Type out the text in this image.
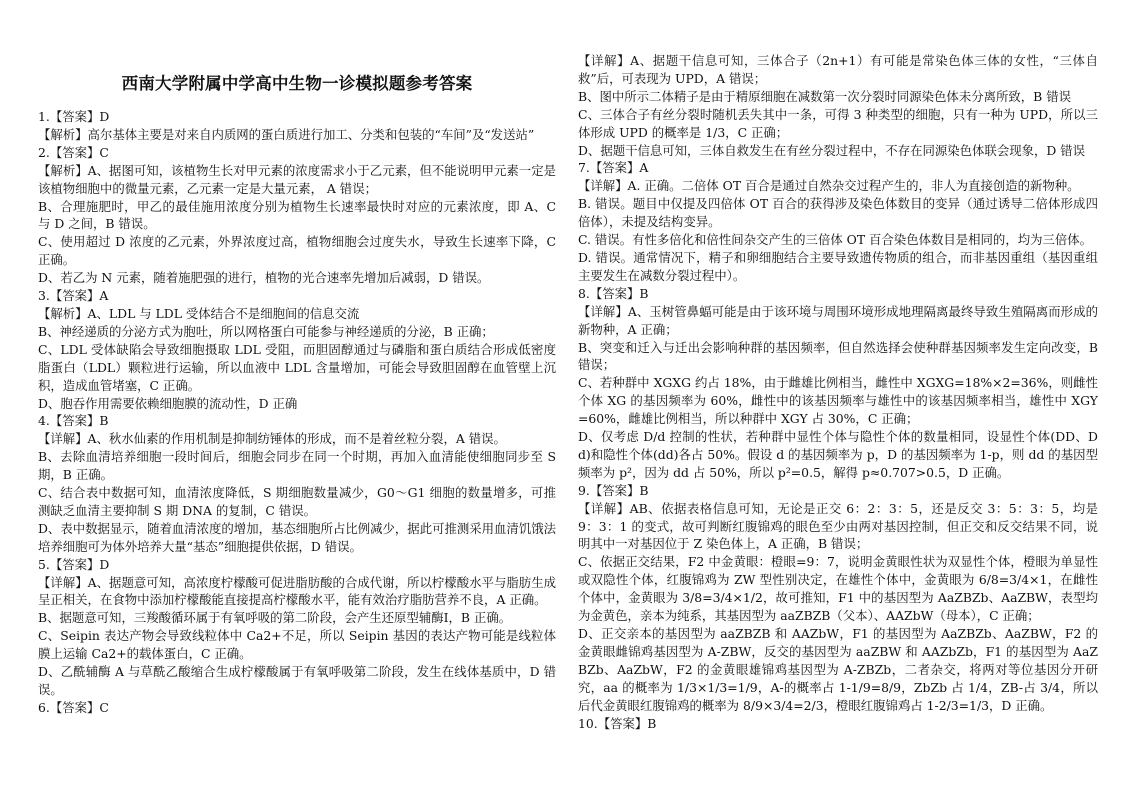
西南大学附属中学高中生物一诊模拟题参考答案

1.【答案】D

【解析】高尔基体主要是对来自内质网的蛋白质进行加工、分类和包装的“车间”及“发送站”

2.【答案】C

【解析】A、据图可知，该植物生长对甲元素的浓度需求小于乙元素，但不能说明甲元素一定是该植物细胞中的微量元素，乙元素一定是大量元素， A 错误；

B、合理施肥时，甲乙的最佳施用浓度分别为植物生长速率最快时对应的元素浓度，即 A、C 与 D 之间，B 错误。

C、使用超过 D 浓度的乙元素，外界浓度过高，植物细胞会过度失水，导致生长速率下降，C 正确。

D、若乙为 N 元素，随着施肥强的进行，植物的光合速率先增加后减弱，D 错误。

3.【答案】A

【解析】A、LDL 与 LDL 受体结合不是细胞间的信息交流

B、神经递质的分泌方式为胞吐，所以网格蛋白可能参与神经递质的分泌，B 正确；

C、LDL 受体缺陷会导致细胞摄取 LDL 受阻，而胆固醇通过与磷脂和蛋白质结合形成低密度脂蛋白（LDL）颗粒进行运输，所以血液中 LDL 含量增加，可能会导致胆固醇在血管壁上沉积，造成血管堵塞，C 正确。

D、胞吞作用需要依赖细胞膜的流动性，D 正确

4.【答案】B

【详解】A、秋水仙素的作用机制是抑制纺锤体的形成，而不是着丝粒分裂，A 错误。

B、去除血清培养细胞一段时间后，细胞会同步在同一个时期，再加入血清能使细胞同步至 S 期，B 正确。

C、结合表中数据可知，血清浓度降低，S 期细胞数量减少，G0～G1 细胞的数量增多，可推测缺乏血清主要抑制 S 期 DNA 的复制，C 错误。

D、表中数据显示，随着血清浓度的增加，基态细胞所占比例减少，据此可推测采用血清饥饿法培养细胞可为体外培养大量“基态”细胞提供依据，D 错误。

5.【答案】D

【详解】A、据题意可知，高浓度柠檬酸可促进脂肪酸的合成代谢，所以柠檬酸水平与脂肪生成呈正相关，在食物中添加柠檬酸能直接提高柠檬酸水平，能有效治疗脂肪营养不良，A 正确。

B、据题意可知，三羧酸循环属于有氧呼吸的第二阶段，会产生还原型辅酶Ⅰ，B 正确。

C、Seipin 表达产物会导致线粒体中 Ca2+不足，所以 Seipin 基因的表达产物可能是线粒体膜上运输 Ca2+的载体蛋白，C 正确。

D、乙酰辅酶 A 与草酰乙酸缩合生成柠檬酸属于有氧呼吸第二阶段，发生在线体基质中，D 错误。

6.【答案】C

【详解】A、据题干信息可知，三体合子（2n+1）有可能是常染色体三体的女性，“三体自救”后，可表现为 UPD，A 错误；

B、图中所示二体精子是由于精原细胞在减数第一次分裂时同源染色体未分离所致，B 错误

C、三体合子有丝分裂时随机丢失其中一条，可得 3 种类型的细胞，只有一种为 UPD，所以三体形成 UPD 的概率是 1/3，C 正确；

D、据题干信息可知，三体自救发生在有丝分裂过程中，不存在同源染色体联会现象，D 错误

7.【答案】A

【详解】A. 正确。二倍体 OT 百合是通过自然杂交过程产生的，非人为直接创造的新物种。

B. 错误。题目中仅提及四倍体 OT 百合的获得涉及染色体数目的变异（通过诱导二倍体形成四倍体），未提及结构变异。

C. 错误。有性多倍化和倍性间杂交产生的三倍体 OT 百合染色体数目是相同的，均为三倍体。

D. 错误。通常情况下，精子和卵细胞结合主要导致遗传物质的组合，而非基因重组（基因重组主要发生在减数分裂过程中）。

8.【答案】B

【详解】A、玉树管鼻蝠可能是由于该环境与周围环境形成地理隔离最终导致生殖隔离而形成的新物种，A 正确；

B、突变和迁入与迁出会影响种群的基因频率，但自然选择会使种群基因频率发生定向改变，B 错误；

C、若种群中 XGXG 约占 18%，由于雌雄比例相当，雌性中 XGXG=18%×2=36%，则雌性个体 XG 的基因频率为 60%，雌性中的该基因频率与雄性中的该基因频率相当，雄性中 XGY=60%，雌雄比例相当，所以种群中 XGY 占 30%，C 正确；

D、仅考虑 D/d 控制的性状，若种群中显性个体与隐性个体的数量相同，设显性个体(DD、Dd)和隐性个体(dd)各占 50%。假设 d 的基因频率为 p，D 的基因频率为 1-p，则 dd 的基因型频率为 p²，因为 dd 占 50%，所以 p²=0.5，解得 p≈0.707>0.5，D 正确。

9.【答案】B

【详解】AB、依据表格信息可知，无论是正交 6：2：3：5，还是反交 3：5：3：5，均是 9：3：1 的变式，故可判断红腹锦鸡的眼色至少由两对基因控制，但正交和反交结果不同，说明其中一对基因位于 Z 染色体上，A 正确，B 错误；

C、依据正交结果，F2 中金黄眼：橙眼=9：7，说明金黄眼性状为双显性个体，橙眼为单显性或双隐性个体，红腹锦鸡为 ZW 型性别决定，在雄性个体中，金黄眼为 6/8=3/4×1，在雌性个体中，金黄眼为 3/8=3/4×1/2，故可推知，F1 中的基因型为 AaZBZb、AaZBW，表型均为金黄色，亲本为纯系，其基因型为 aaZBZB（父本）、AAZbW（母本），C 正确；

D、正交亲本的基因型为 aaZBZB 和 AAZbW，F1 的基因型为 AaZBZb、AaZBW，F2 的金黄眼雌锦鸡基因型为 A-ZBW，反交的基因型为 aaZBW 和 AAZbZb，F1 的基因型为 AaZBZb、AaZbW，F2 的金黄眼雄锦鸡基因型为 A-ZBZb，二者杂交，将两对等位基因分开研究，aa 的概率为 1/3×1/3=1/9，A-的概率占 1-1/9=8/9，ZbZb 占 1/4，ZB-占 3/4，所以后代金黄眼红腹锦鸡的概率为 8/9×3/4=2/3，橙眼红腹锦鸡占 1-2/3=1/3，D 正确。

10.【答案】B
